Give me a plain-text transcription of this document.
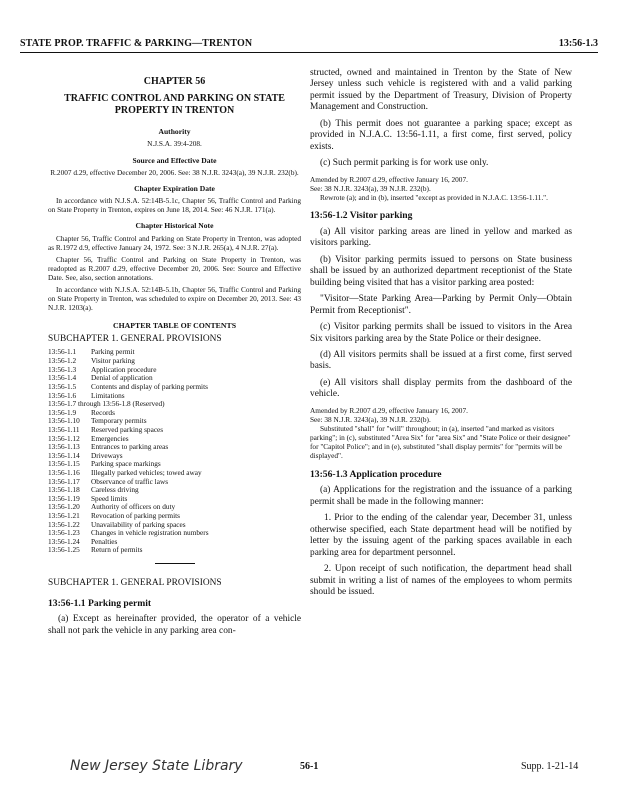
STATE PROP. TRAFFIC & PARKING—TRENTON	13:56-1.3
CHAPTER 56
TRAFFIC CONTROL AND PARKING ON STATE PROPERTY IN TRENTON
Authority
N.J.S.A. 39:4-208.
Source and Effective Date
R.2007 d.29, effective December 20, 2006. See: 38 N.J.R. 3243(a), 39 N.J.R. 232(b).
Chapter Expiration Date
In accordance with N.J.S.A. 52:14B-5.1c, Chapter 56, Traffic Control and Parking on State Property in Trenton, expires on June 18, 2014. See: 46 N.J.R. 171(a).
Chapter Historical Note
Chapter 56, Traffic Control and Parking on State Property in Trenton, was adopted as R.1972 d.9, effective January 24, 1972. See: 3 N.J.R. 265(a), 4 N.J.R. 27(a).
Chapter 56, Traffic Control and Parking on State Property in Trenton, was readopted as R.2007 d.29, effective December 20, 2006. See: Source and Effective Date. See, also, section annotations.
In accordance with N.J.S.A. 52:14B-5.1b, Chapter 56, Traffic Control and Parking on State Property in Trenton, was scheduled to expire on December 20, 2013. See: 43 N.J.R. 1203(a).
CHAPTER TABLE OF CONTENTS
SUBCHAPTER 1. GENERAL PROVISIONS
13:56-1.1	Parking permit
13:56-1.2	Visitor parking
13:56-1.3	Application procedure
13:56-1.4	Denial of application
13:56-1.5	Contents and display of parking permits
13:56-1.6	Limitations
13:56-1.7 through 13:56-1.8 (Reserved)
13:56-1.9	Records
13:56-1.10	Temporary permits
13:56-1.11	Reserved parking spaces
13:56-1.12	Emergencies
13:56-1.13	Entrances to parking areas
13:56-1.14	Driveways
13:56-1.15	Parking space markings
13:56-1.16	Illegally parked vehicles; towed away
13:56-1.17	Observance of traffic laws
13:56-1.18	Careless driving
13:56-1.19	Speed limits
13:56-1.20	Authority of officers on duty
13:56-1.21	Revocation of parking permits
13:56-1.22	Unavailability of parking spaces
13:56-1.23	Changes in vehicle registration numbers
13:56-1.24	Penalties
13:56-1.25	Return of permits
SUBCHAPTER 1. GENERAL PROVISIONS
13:56-1.1 Parking permit
(a) Except as hereinafter provided, the operator of a vehicle shall not park the vehicle in any parking area con-
structed, owned and maintained in Trenton by the State of New Jersey unless such vehicle is registered with and a valid parking permit issued by the Department of Treasury, Division of Property Management and Construction.
(b) This permit does not guarantee a parking space; except as provided in N.J.A.C. 13:56-1.11, a first come, first served, policy exists.
(c) Such permit parking is for work use only.
Amended by R.2007 d.29, effective January 16, 2007.
See: 38 N.J.R. 3243(a), 39 N.J.R. 232(b).
Rewrote (a); and in (b), inserted "except as provided in N.J.A.C. 13:56-1.11.".
13:56-1.2 Visitor parking
(a) All visitor parking areas are lined in yellow and marked as visitors parking.
(b) Visitor parking permits issued to persons on State business shall be issued by an authorized department receptionist of the State building being visited that has a visitor parking area posted:
"Visitor—State Parking Area—Parking by Permit Only—Obtain Permit from Receptionist".
(c) Visitor parking permits shall be issued to visitors in the Area Six visitors parking area by the State Police or their designee.
(d) All visitors permits shall be issued at a first come, first served basis.
(e) All visitors shall display permits from the dashboard of the vehicle.
Amended by R.2007 d.29, effective January 16, 2007.
See: 38 N.J.R. 3243(a), 39 N.J.R. 232(b).
Substituted "shall" for "will" throughout; in (a), inserted "and marked as visitors parking"; in (c), substituted "Area Six" for "area Six" and "State Police or their designee" for "Capitol Police"; and in (e), substituted "shall display permits" for "permits will be displayed".
13:56-1.3 Application procedure
(a) Applications for the registration and the issuance of a parking permit shall be made in the following manner:
1. Prior to the ending of the calendar year, December 31, unless otherwise specified, each State department head will be notified by letter by the issuing agent of the parking spaces available in each parking area for department personnel.
2. Upon receipt of such notification, the department head shall submit in writing a list of names of the employees to whom permits should be issued.
New Jersey State Library	56-1	Supp. 1-21-14
